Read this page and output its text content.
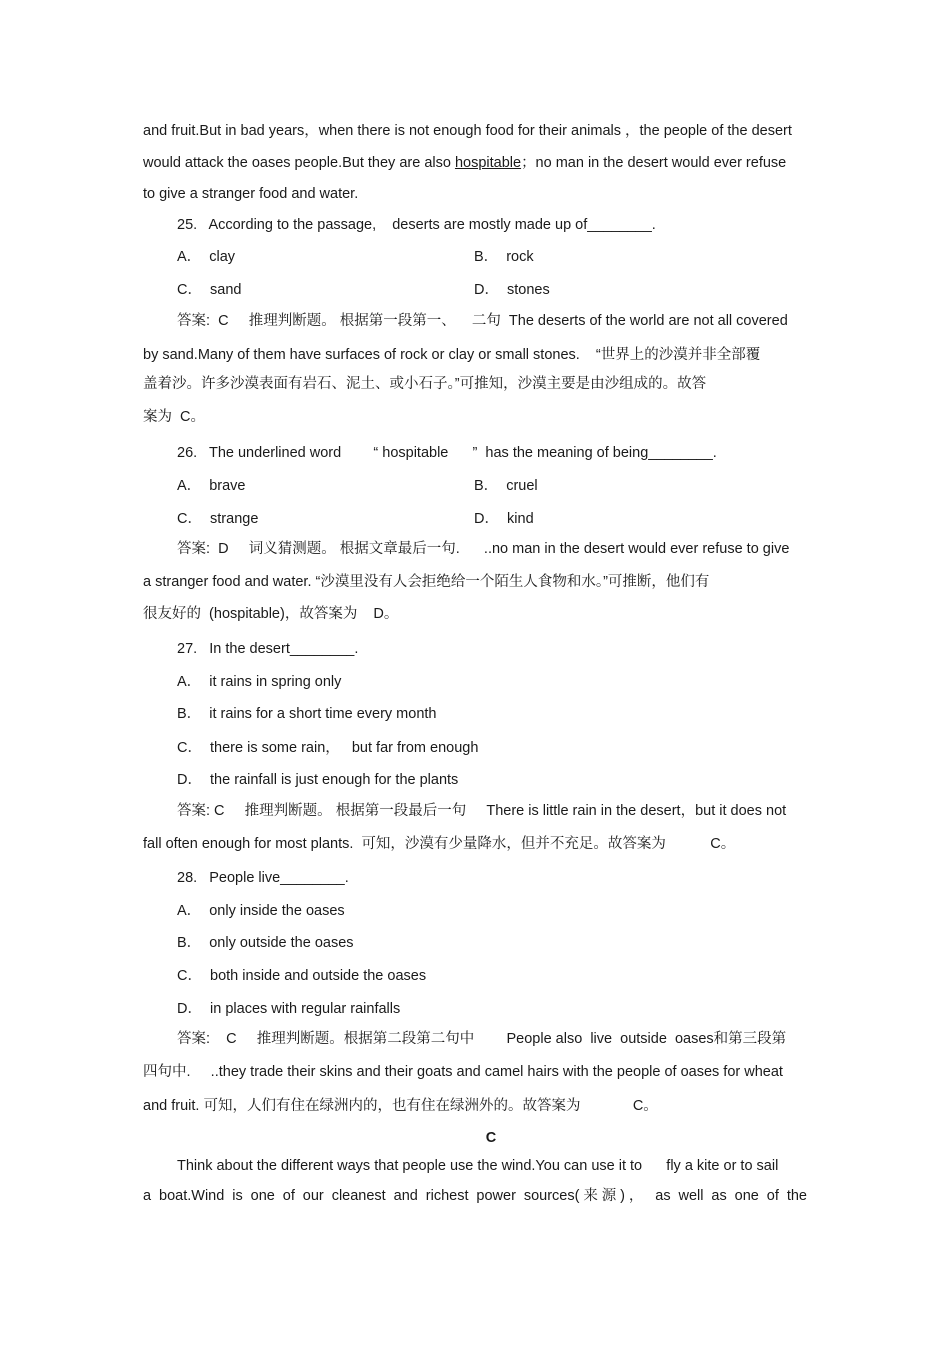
and fruit.But in bad years，when there is not enough food for their animals ，the people of the desert
would attack the oases people.But they are also hospitable；no man in the desert would ever refuse
to give a stranger food and water.
25.   According to the passage,    deserts are mostly made up of________.
A．  clay	B．  rock
C．  sand	D．  stones
答案:  C     推理判断题。 根据第一段第一、    二句  The deserts of the world are not all covered
by sand.Many of them have surfaces of rock or clay or small stones.    “世界上的沙漠并非全部覆
盖着沙。许多沙漠表面有岩石、泥土、或小石子。”可推知，沙漠主要是由沙组成的。故答
案为  C。
26.   The underlined word        “ hospitable      ”  has the meaning of being________.
A．  brave	B．  cruel
C．  strange	D．  kind
答案:  D     词义猜测题。 根据文章最后一句.      ..no man in the desert would ever refuse to give
a stranger food and water. “沙漠里没有人会拒绝给一个陌生人食物和水。”可推断，他们有
很友好的  (hospitable)，故答案为    D。
27.   In the desert________.
A．  it rains in spring only
B．  it rains for a short time every month
C．  there is some rain，   but far from enough
D．  the rainfall is just enough for the plants
答案: C     推理判断题。 根据第一段最后一句     There is little rain in the desert，but it does not
fall often enough for most plants.  可知，沙漠有少量降水，但并不充足。故答案为           C。
28.   People live________.
A．  only inside the oases
B．  only outside the oases
C．  both inside and outside the oases
D．  in places with regular rainfalls
答案:    C     推理判断题。根据第二段第二句中        People also  live  outside  oases和第三段第
四句中.     ..they trade their skins and their goats and camel hairs with the people of oases for wheat
and fruit. 可知，人们有住在绿洲内的，也有住在绿洲外的。故答案为             C。
C
Think about the different ways that people use the wind.You can use it to      fly a kite or to sail
a boat.Wind is one of our cleanest and richest power sources(来源)， as well as one of the
